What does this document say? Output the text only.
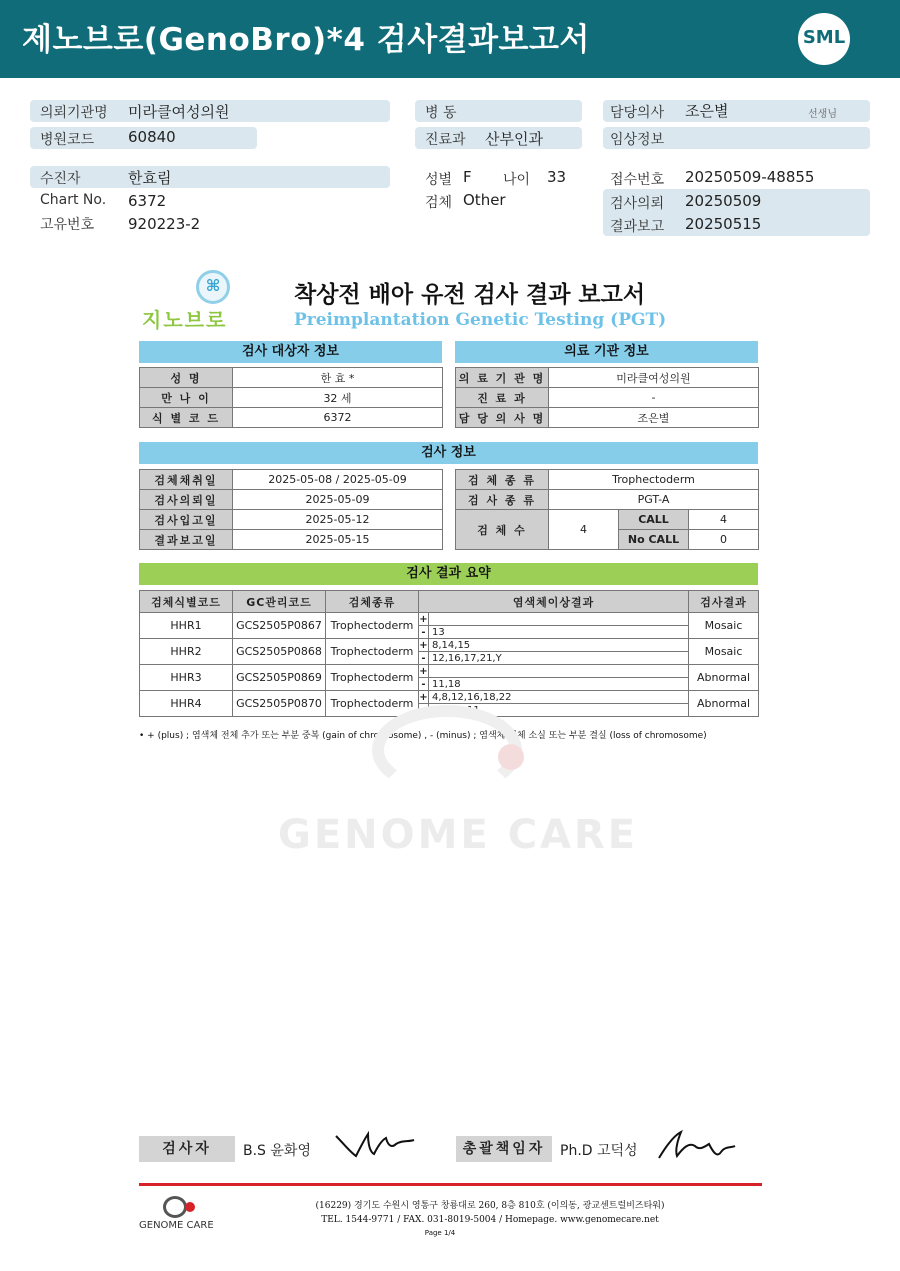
제노브로(GenoBro)*4 검사결과보고서	SML
의뢰기관명 미라클여성의원
병원코드 60840
수진자	한효림
Chart No. 6372
고유번호 920223-2
병 동
진료과 산부인과
성별 F 나이 33
검체 Other
담당의사 조은별	선생님
임상정보
접수번호 20250509-48855
검사의뢰 20250509
결과보고 20250515
⌘
지노브로
착상전 배아 유전 검사 결과 보고서
Preimplantation Genetic Testing (PGT)
검사 대상자 정보
성 명	한 효 *
만 나 이	32 세
식 별 코 드	6372
의료 기관 정보
의 료 기 관 명	미라클여성의원
진 료 과	-
담 당 의 사 명	조은별
검사 정보
검체채취일	2025-05-08 / 2025-05-09
검사의뢰일	2025-05-09
검사입고일	2025-05-12
결과보고일	2025-05-15
검 체 종 류	Trophectoderm		
검 사 종 류	PGT-A		
검 체 수	4	CALL	4
		No CALL	0
검사 결과 요약
검체식별코드	GC관리코드	검체종류	염색체이상결과		검사결과
HHR1	GCS2505P0867	Trophectoderm	+		Mosaic
			-	13	
HHR2	GCS2505P0868	Trophectoderm	+	8,14,15	Mosaic
			-	12,16,17,21,Y	
HHR3	GCS2505P0869	Trophectoderm	+		Abnormal
			-	11,18	
HHR4	GCS2505P0870	Trophectoderm	+	4,8,12,16,18,22	Abnormal
			-	1,2,10,11	
• + (plus) ; 염색체 전체 추가 또는 부분 중복 (gain of chromosome) , - (minus) ; 염색체 전체 소실 또는 부분 결실 (loss of chromosome)
GENOME CARE
검사자	B.S 윤화영	총괄책임자	Ph.D 고덕성
GENOME CARE
(16229) 경기도 수원시 영통구 창룡대로 260, 8층 810호 (이의동, 광교센트럴비즈타워)
TEL. 1544-9771 / FAX. 031-8019-5004 / Homepage. www.genomecare.net
Page 1/4
